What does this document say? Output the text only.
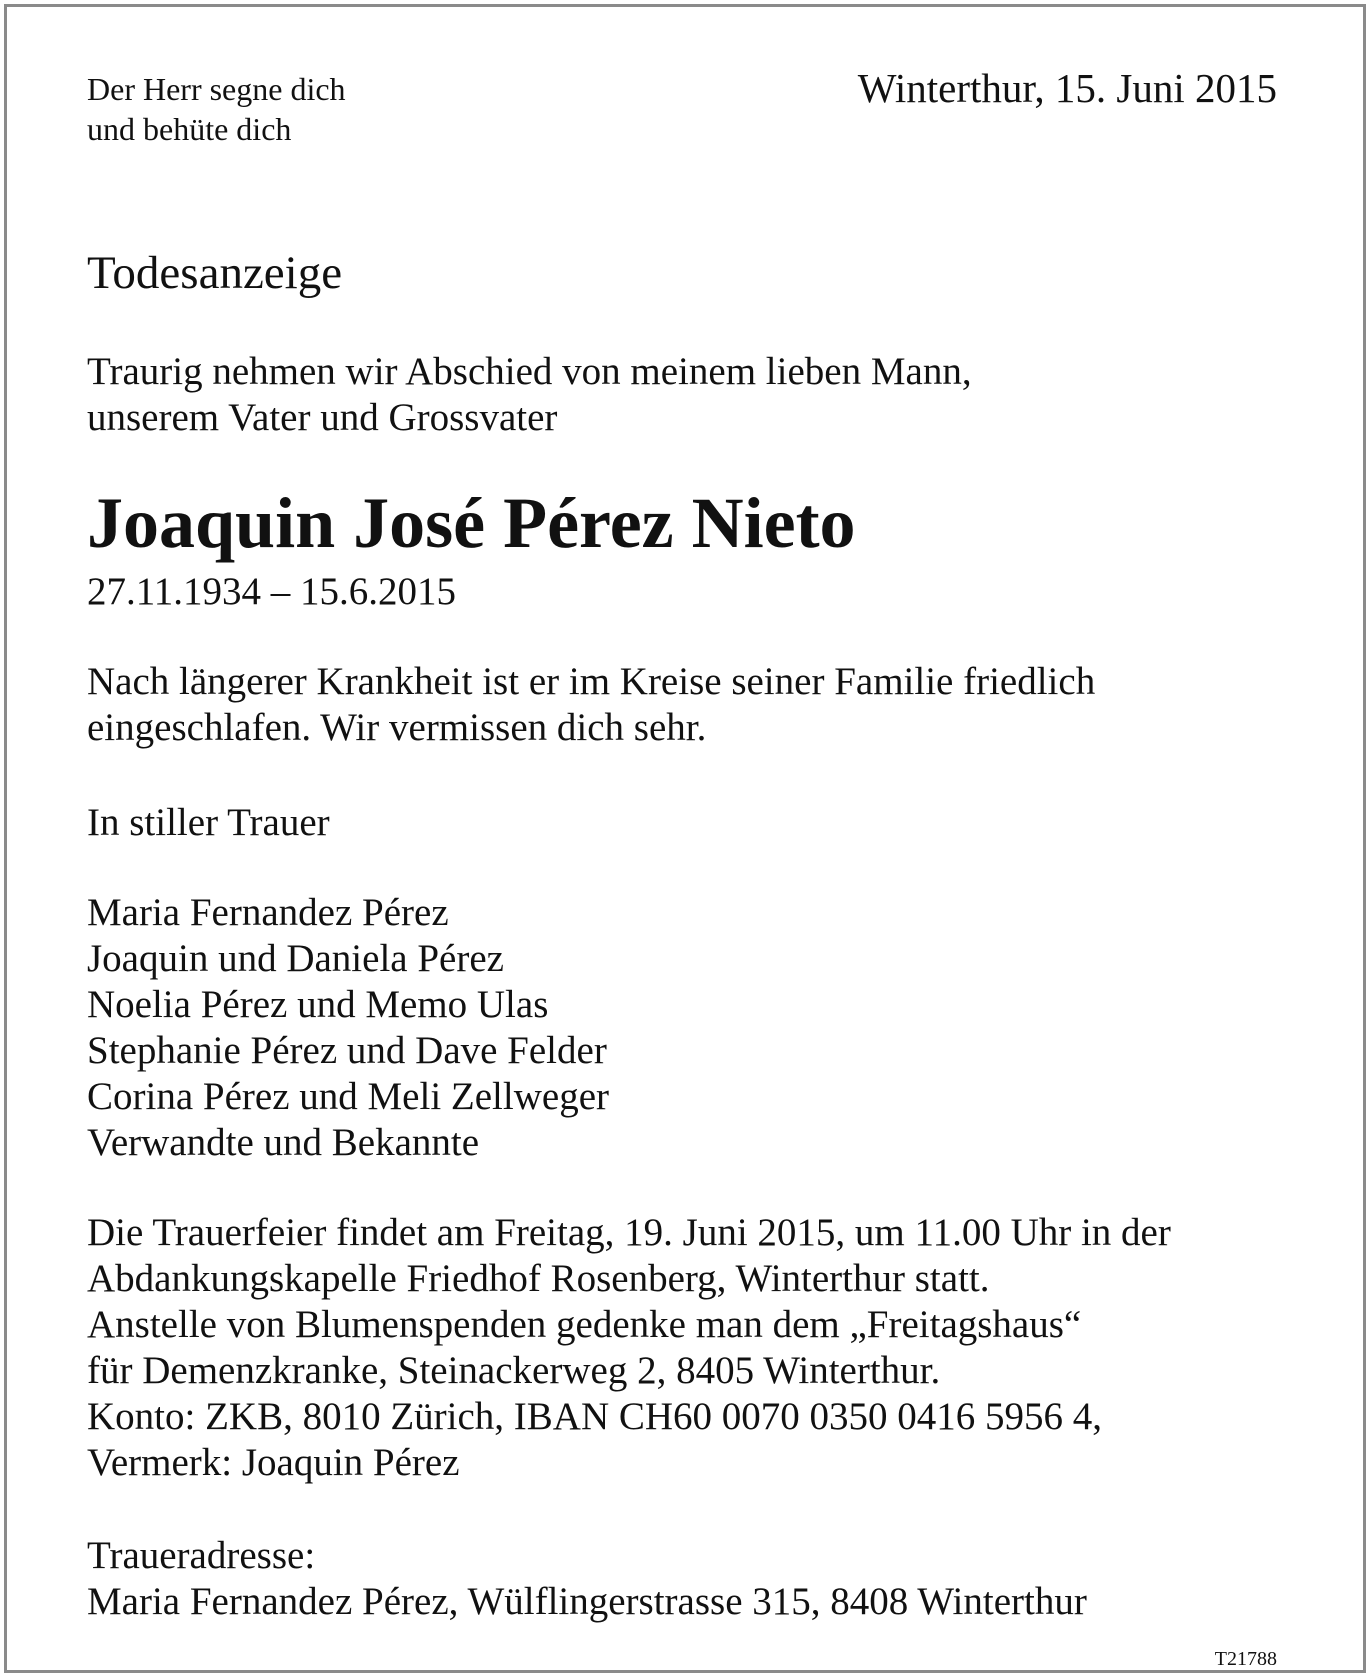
Der Herr segne dich
und behüte dich
Winterthur, 15. Juni 2015
Todesanzeige
Traurig nehmen wir Abschied von meinem lieben Mann,
unserem Vater und Grossvater
Joaquin José Pérez Nieto
27.11.1934 – 15.6.2015
Nach längerer Krankheit ist er im Kreise seiner Familie friedlich
eingeschlafen. Wir vermissen dich sehr.
In stiller Trauer
Maria Fernandez Pérez
Joaquin und Daniela Pérez
Noelia Pérez und Memo Ulas
Stephanie Pérez und Dave Felder
Corina Pérez und Meli Zellweger
Verwandte und Bekannte
Die Trauerfeier findet am Freitag, 19. Juni 2015, um 11.00 Uhr in der
Abdankungskapelle Friedhof Rosenberg, Winterthur statt.
Anstelle von Blumenspenden gedenke man dem „Freitagshaus“
für Demenzkranke, Steinackerweg 2, 8405 Winterthur.
Konto: ZKB, 8010 Zürich, IBAN CH60 0070 0350 0416 5956 4,
Vermerk: Joaquin Pérez
Traueradresse:
Maria Fernandez Pérez, Wülflingerstrasse 315, 8408 Winterthur
T21788
